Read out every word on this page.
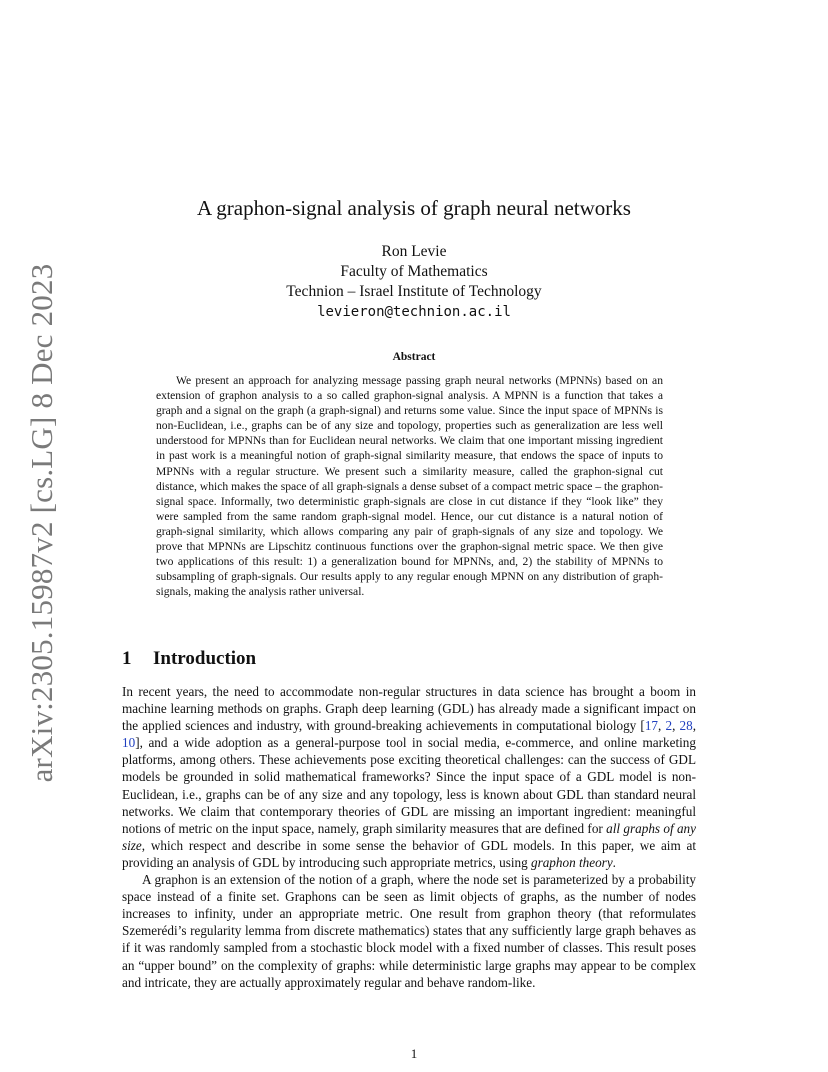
arXiv:2305.15987v2 [cs.LG] 8 Dec 2023
A graphon-signal analysis of graph neural networks
Ron Levie
Faculty of Mathematics
Technion – Israel Institute of Technology
levieron@technion.ac.il
Abstract

We present an approach for analyzing message passing graph neural networks (MPNNs) based on an extension of graphon analysis to a so called graphon-signal analysis. A MPNN is a function that takes a graph and a signal on the graph (a graph-signal) and returns some value. Since the input space of MPNNs is non-Euclidean, i.e., graphs can be of any size and topology, properties such as generalization are less well understood for MPNNs than for Euclidean neural networks. We claim that one important missing ingredient in past work is a meaningful notion of graph-signal similarity measure, that endows the space of inputs to MPNNs with a regular structure. We present such a similarity measure, called the graphon-signal cut distance, which makes the space of all graph-signals a dense subset of a compact metric space – the graphon-signal space. Informally, two deterministic graph-signals are close in cut distance if they “look like” they were sampled from the same random graph-signal model. Hence, our cut distance is a natural notion of graph-signal similarity, which allows comparing any pair of graph-signals of any size and topology. We prove that MPNNs are Lipschitz continuous functions over the graphon-signal metric space. We then give two applications of this result: 1) a generalization bound for MPNNs, and, 2) the stability of MPNNs to subsampling of graph-signals. Our results apply to any regular enough MPNN on any distribution of graph-signals, making the analysis rather universal.

1 Introduction

In recent years, the need to accommodate non-regular structures in data science has brought a boom in machine learning methods on graphs. Graph deep learning (GDL) has already made a significant impact on the applied sciences and industry, with ground-breaking achievements in computational biology [17, 2, 28, 10], and a wide adoption as a general-purpose tool in social media, e-commerce, and online marketing platforms, among others. These achievements pose exciting theoretical challenges: can the success of GDL models be grounded in solid mathematical frameworks? Since the input space of a GDL model is non-Euclidean, i.e., graphs can be of any size and any topology, less is known about GDL than standard neural networks. We claim that contemporary theories of GDL are missing an important ingredient: meaningful notions of metric on the input space, namely, graph similarity measures that are defined for all graphs of any size, which respect and describe in some sense the behavior of GDL models. In this paper, we aim at providing an analysis of GDL by introducing such appropriate metrics, using graphon theory.

A graphon is an extension of the notion of a graph, where the node set is parameterized by a probability space instead of a finite set. Graphons can be seen as limit objects of graphs, as the number of nodes increases to infinity, under an appropriate metric. One result from graphon theory (that reformulates Szemerédi’s regularity lemma from discrete mathematics) states that any sufficiently large graph behaves as if it was randomly sampled from a stochastic block model with a fixed number of classes. This result poses an “upper bound” on the complexity of graphs: while deterministic large graphs may appear to be complex and intricate, they are actually approximately regular and behave random-like.

1
